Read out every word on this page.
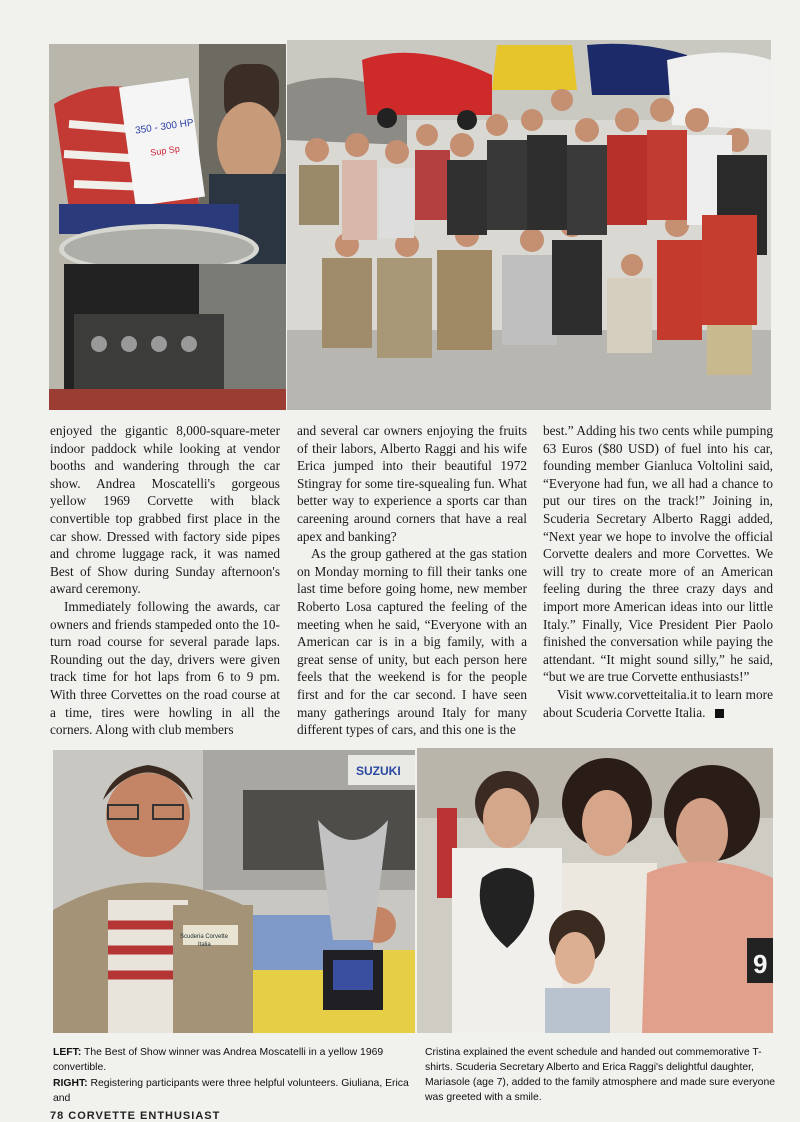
350 - 300 HP
Sup Sp

enjoyed the gigantic 8,000-square-meter indoor paddock while looking at vendor booths and wandering through the car show. Andrea Moscatelli's gorgeous yellow 1969 Corvette with black convertible top grabbed first place in the car show. Dressed with factory side pipes and chrome luggage rack, it was named Best of Show during Sunday afternoon's award ceremony.

Immediately following the awards, car owners and friends stampeded onto the 10-turn road course for several parade laps. Rounding out the day, drivers were given track time for hot laps from 6 to 9 pm. With three Corvettes on the road course at a time, tires were howling in all the corners. Along with club members

and several car owners enjoying the fruits of their labors, Alberto Raggi and his wife Erica jumped into their beautiful 1972 Stingray for some tire-squealing fun. What better way to experience a sports car than careening around corners that have a real apex and banking?

As the group gathered at the gas station on Monday morning to fill their tanks one last time before going home, new member Roberto Losa captured the feeling of the meeting when he said, “Everyone with an American car is in a big family, with a great sense of unity, but each person here feels that the weekend is for the people first and for the car second. I have seen many gatherings around Italy for many different types of cars, and this one is the

best.” Adding his two cents while pumping 63 Euros ($80 USD) of fuel into his car, founding member Gianluca Voltolini said, “Everyone had fun, we all had a chance to put our tires on the track!” Joining in, Scuderia Secretary Alberto Raggi added, “Next year we hope to involve the official Corvette dealers and more Corvettes. We will try to create more of an American feeling during the three crazy days and import more American ideas into our little Italy.” Finally, Vice President Pier Paolo finished the conversation while paying the attendant. “It might sound silly,” he said, “but we are true Corvette enthusiasts!”

Visit www.corvetteitalia.it to learn more about Scuderia Corvette Italia.

SUZUKI
Scuderia Corvette
Italia
9
LEFT: The Best of Show winner was Andrea Moscatelli in a yellow 1969 convertible.
RIGHT: Registering participants were three helpful volunteers. Giuliana, Erica and
Cristina explained the event schedule and handed out commemorative T-shirts. Scuderia Secretary Alberto and Erica Raggi's delightful daughter, Mariasole (age 7), added to the family atmosphere and made sure everyone was greeted with a smile.
78 CORVETTE ENTHUSIAST
